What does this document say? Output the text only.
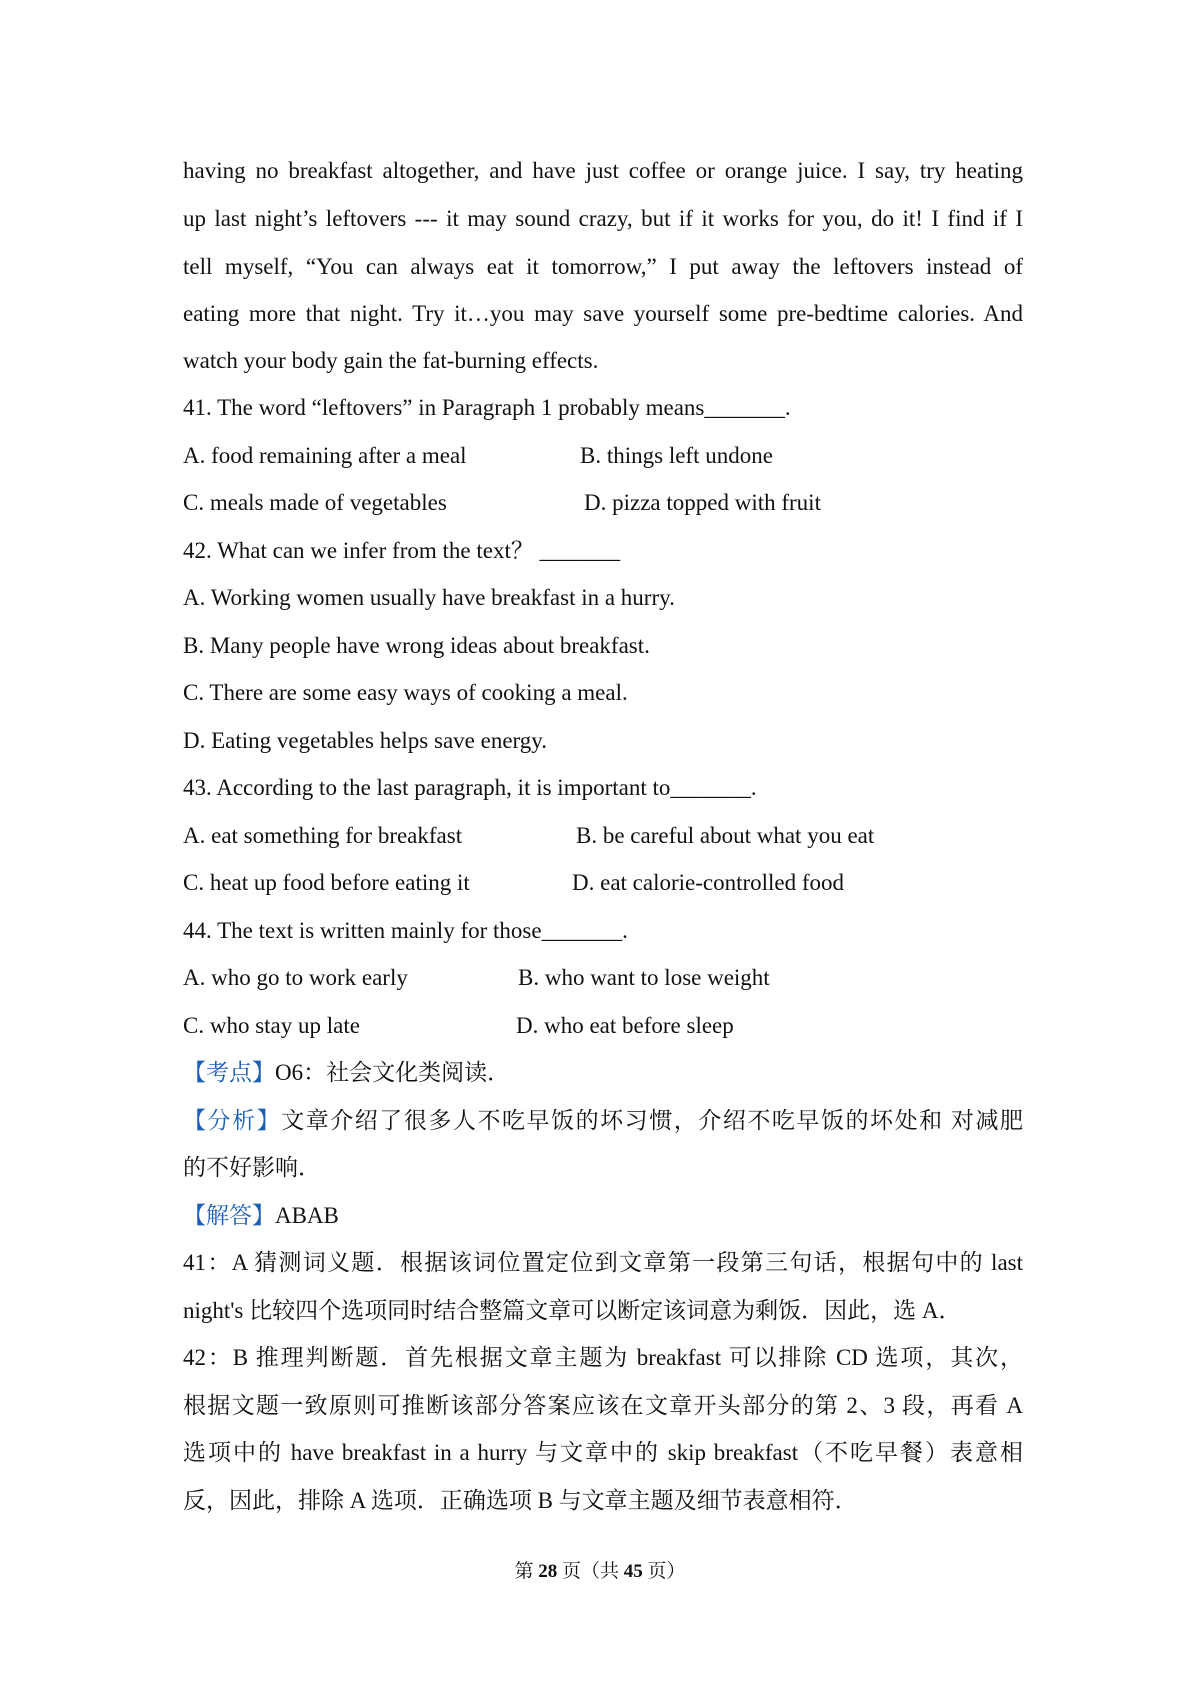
having no breakfast altogether, and have just coffee or orange juice. I say, try heating
up last night’s leftovers --- it may sound crazy, but if it works for you, do it! I find if I
tell myself, “You can always eat it tomorrow,” I put away the leftovers instead of
eating more that night. Try it…you may save yourself some pre-bedtime calories. And
watch your body gain the fat-burning effects.
41. The word “leftovers” in Paragraph 1 probably means_______.
A. food remaining after a meal	B. things left undone
C. meals made of vegetables	D. pizza topped with fruit
42. What can we infer from the text？ _______
A. Working women usually have breakfast in a hurry.
B. Many people have wrong ideas about breakfast.
C. There are some easy ways of cooking a meal.
D. Eating vegetables helps save energy.
43. According to the last paragraph, it is important to_______.
A. eat something for breakfast	B. be careful about what you eat
C. heat up food before eating it	D. eat calorie-controlled food
44. The text is written mainly for those_______.
A. who go to work early	B. who want to lose weight
C. who stay up late	D. who eat before sleep
【考点】O6：社会文化类阅读．
【分析】文章介绍了很多人不吃早饭的坏习惯，介绍不吃早饭的坏处和 对减肥
的不好影响．
【解答】ABAB
41：A 猜测词义题．根据该词位置定位到文章第一段第三句话，根据句中的 last
night's 比较四个选项同时结合整篇文章可以断定该词意为剩饭．因此，选 A．
42：B 推理判断题．首先根据文章主题为 breakfast 可以排除 CD 选项，其次，
根据文题一致原则可推断该部分答案应该在文章开头部分的第 2、3 段，再看 A
选项中的 have breakfast in a hurry 与文章中的 skip breakfast（不吃早餐）表意相
反，因此，排除 A 选项．正确选项 B 与文章主题及细节表意相符．
第 28 页（共 45 页）
